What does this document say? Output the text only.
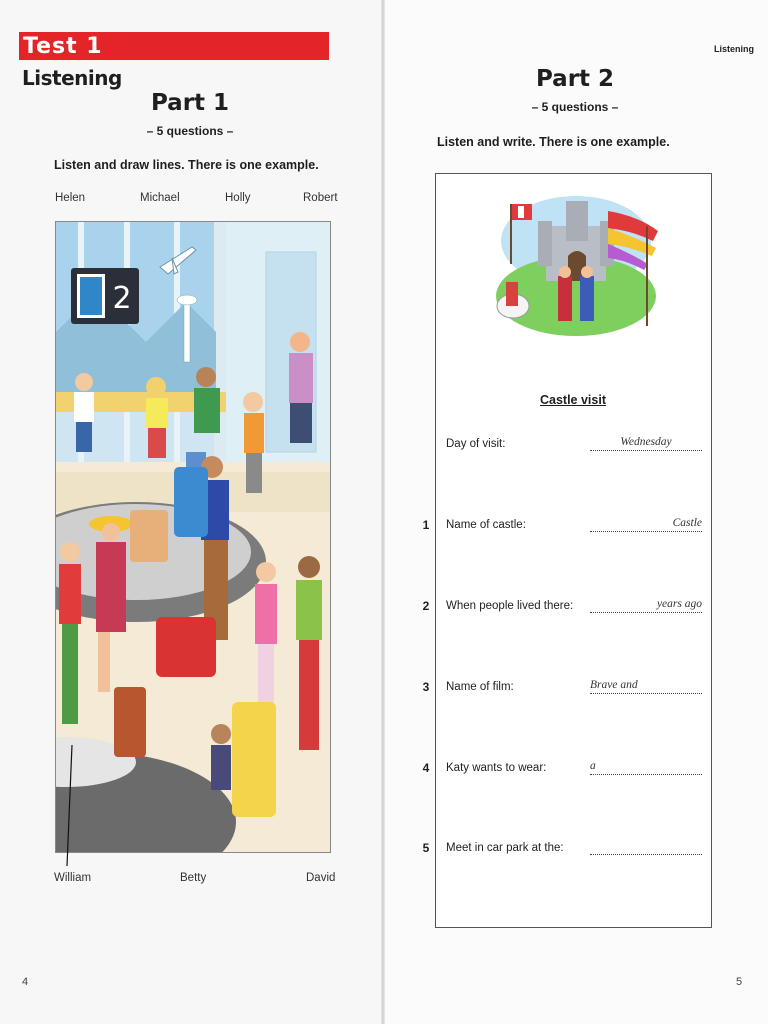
Test 1
Listening
Part 1
– 5 questions –
Listen and draw lines. There is one example.
Helen	Michael	Holly	Robert
2
William	Betty	David
4
Listening
Part 2
– 5 questions –
Listen and write. There is one example.
Castle visit
Day of visit:	Wednesday
1 Name of castle:	Castle
2 When people lived there:	years ago
3 Name of film:	Brave and
4 Katy wants to wear:	a
5 Meet in car park at the:
5
